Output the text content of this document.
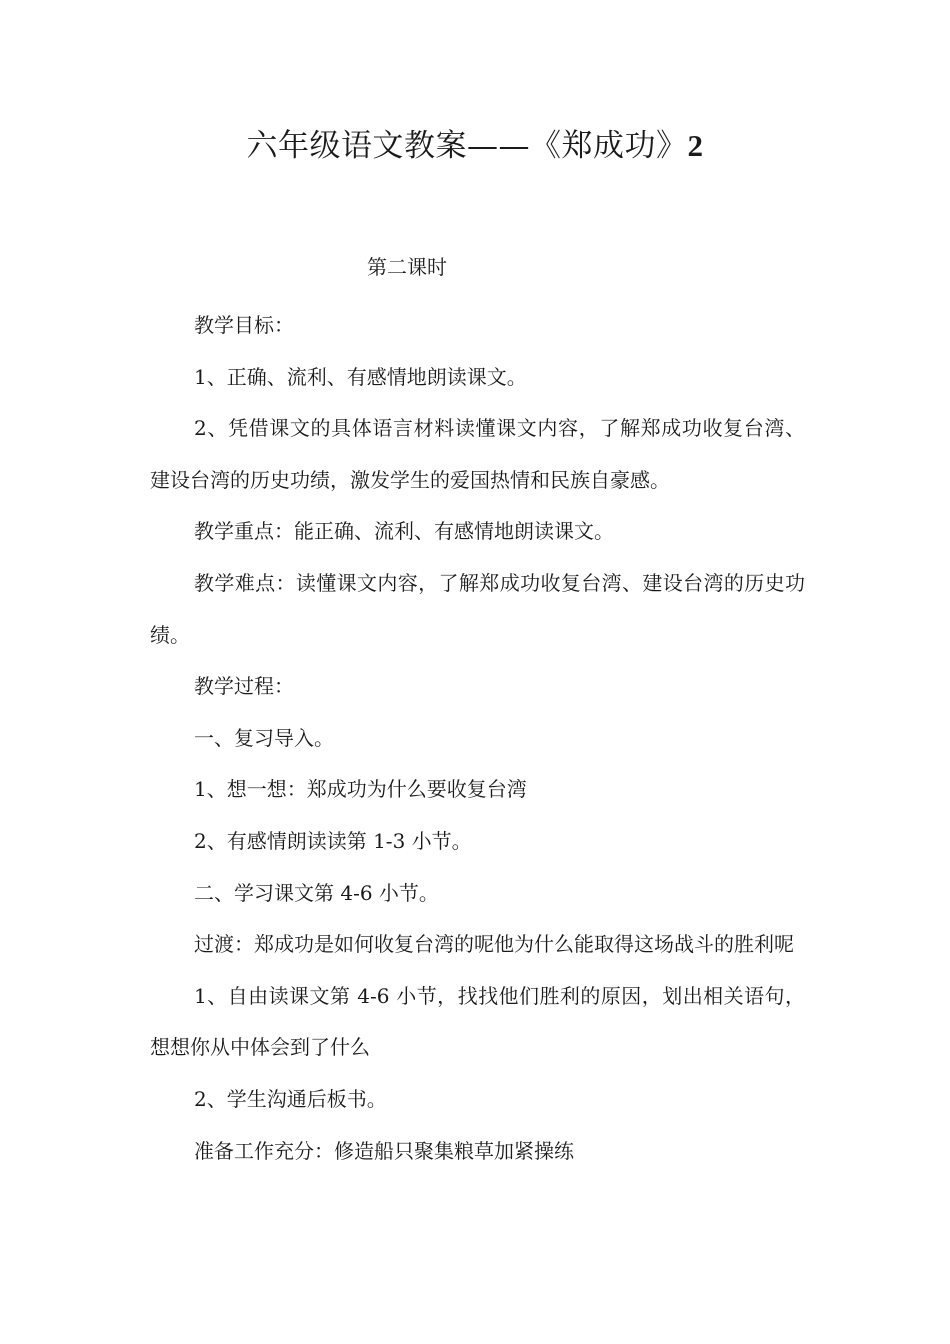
六年级语文教案——《郑成功》2
第二课时

教学目标：

1、正确、流利、有感情地朗读课文。

2、凭借课文的具体语言材料读懂课文内容，了解郑成功收复台湾、建设台湾的历史功绩，激发学生的爱国热情和民族自豪感。

教学重点：能正确、流利、有感情地朗读课文。

教学难点：读懂课文内容，了解郑成功收复台湾、建设台湾的历史功绩。

教学过程：

一、复习导入。

1、想一想：郑成功为什么要收复台湾

2、有感情朗读读第 1-3 小节。

二、学习课文第 4-6 小节。

过渡：郑成功是如何收复台湾的呢他为什么能取得这场战斗的胜利呢

1、自由读课文第 4-6 小节，找找他们胜利的原因，划出相关语句，想想你从中体会到了什么

2、学生沟通后板书。

准备工作充分：修造船只聚集粮草加紧操练
